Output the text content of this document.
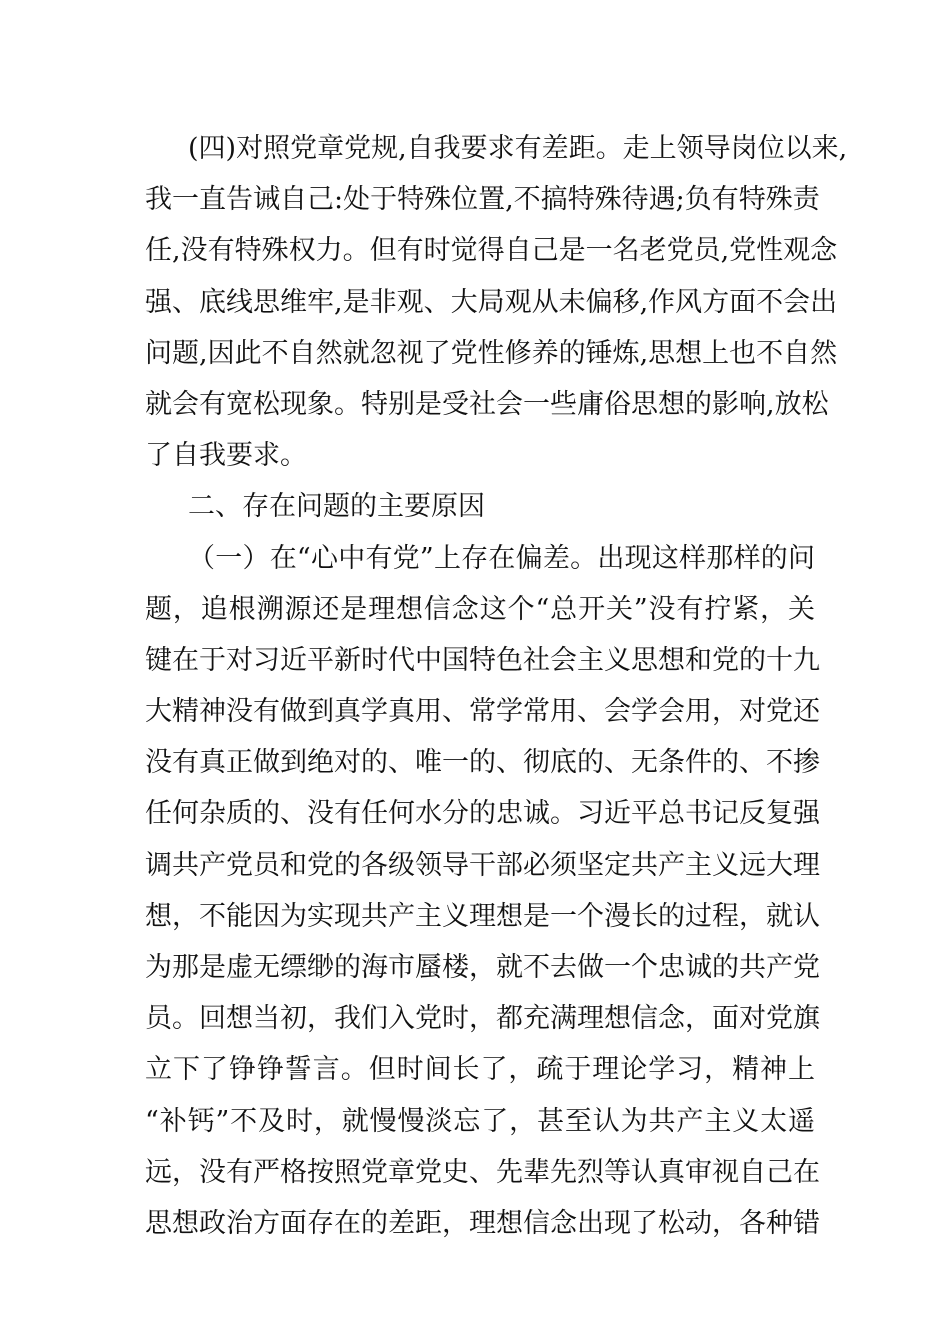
(四)对照党章党规,自我要求有差距。走上领导岗位以来,
我一直告诫自己:处于特殊位置,不搞特殊待遇;负有特殊责
任,没有特殊权力。但有时觉得自己是一名老党员,党性观念
强、底线思维牢,是非观、大局观从未偏移,作风方面不会出
问题,因此不自然就忽视了党性修养的锤炼,思想上也不自然
就会有宽松现象。特别是受社会一些庸俗思想的影响,放松
了自我要求。
二、存在问题的主要原因
（一）在“心中有党”上存在偏差。出现这样那样的问
题，追根溯源还是理想信念这个“总开关”没有拧紧，关
键在于对习近平新时代中国特色社会主义思想和党的十九
大精神没有做到真学真用、常学常用、会学会用，对党还
没有真正做到绝对的、唯一的、彻底的、无条件的、不掺
任何杂质的、没有任何水分的忠诚。习近平总书记反复强
调共产党员和党的各级领导干部必须坚定共产主义远大理
想，不能因为实现共产主义理想是一个漫长的过程，就认
为那是虚无缥缈的海市蜃楼，就不去做一个忠诚的共产党
员。回想当初，我们入党时，都充满理想信念，面对党旗
立下了铮铮誓言。但时间长了，疏于理论学习，精神上
“补钙”不及时，就慢慢淡忘了，甚至认为共产主义太遥
远，没有严格按照党章党史、先辈先烈等认真审视自己在
思想政治方面存在的差距，理想信念出现了松动，各种错
